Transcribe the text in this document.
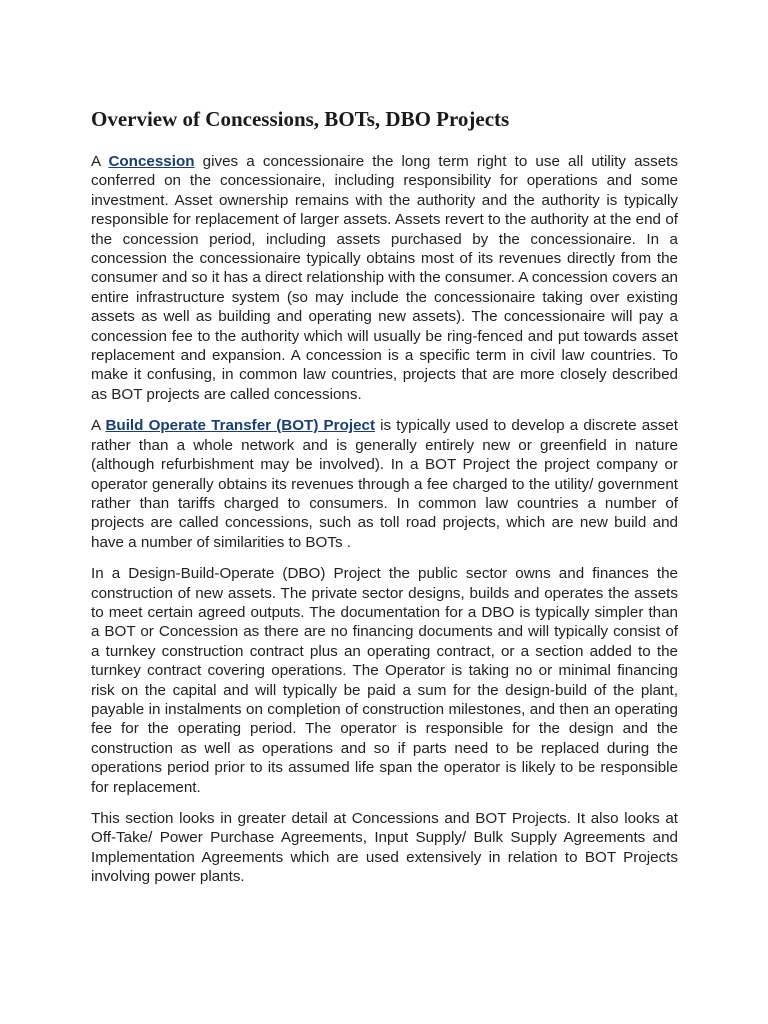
Overview of Concessions, BOTs, DBO Projects

A Concession gives a concessionaire the long term right to use all utility assets conferred on the concessionaire, including responsibility for operations and some investment. Asset ownership remains with the authority and the authority is typically responsible for replacement of larger assets. Assets revert to the authority at the end of the concession period, including assets purchased by the concessionaire. In a concession the concessionaire typically obtains most of its revenues directly from the consumer and so it has a direct relationship with the consumer. A concession covers an entire infrastructure system (so may include the concessionaire taking over existing assets as well as building and operating new assets). The concessionaire will pay a concession fee to the authority which will usually be ring-fenced and put towards asset replacement and expansion. A concession is a specific term in civil law countries. To make it confusing, in common law countries, projects that are more closely described as BOT projects are called concessions.

A Build Operate Transfer (BOT) Project is typically used to develop a discrete asset rather than a whole network and is generally entirely new or greenfield in nature (although refurbishment may be involved). In a BOT Project the project company or operator generally obtains its revenues through a fee charged to the utility/ government rather than tariffs charged to consumers. In common law countries a number of projects are called concessions, such as toll road projects, which are new build and have a number of similarities to BOTs .

In a Design-Build-Operate (DBO) Project the public sector owns and finances the construction of new assets. The private sector designs, builds and operates the assets to meet certain agreed outputs. The documentation for a DBO is typically simpler than a BOT or Concession as there are no financing documents and will typically consist of a turnkey construction contract plus an operating contract, or a section added to the turnkey contract covering operations. The Operator is taking no or minimal financing risk on the capital and will typically be paid a sum for the design-build of the plant, payable in instalments on completion of construction milestones, and then an operating fee for the operating period. The operator is responsible for the design and the construction as well as operations and so if parts need to be replaced during the operations period prior to its assumed life span the operator is likely to be responsible for replacement.

This section looks in greater detail at Concessions and BOT Projects. It also looks at Off-Take/ Power Purchase Agreements, Input Supply/ Bulk Supply Agreements and Implementation Agreements which are used extensively in relation to BOT Projects involving power plants.
